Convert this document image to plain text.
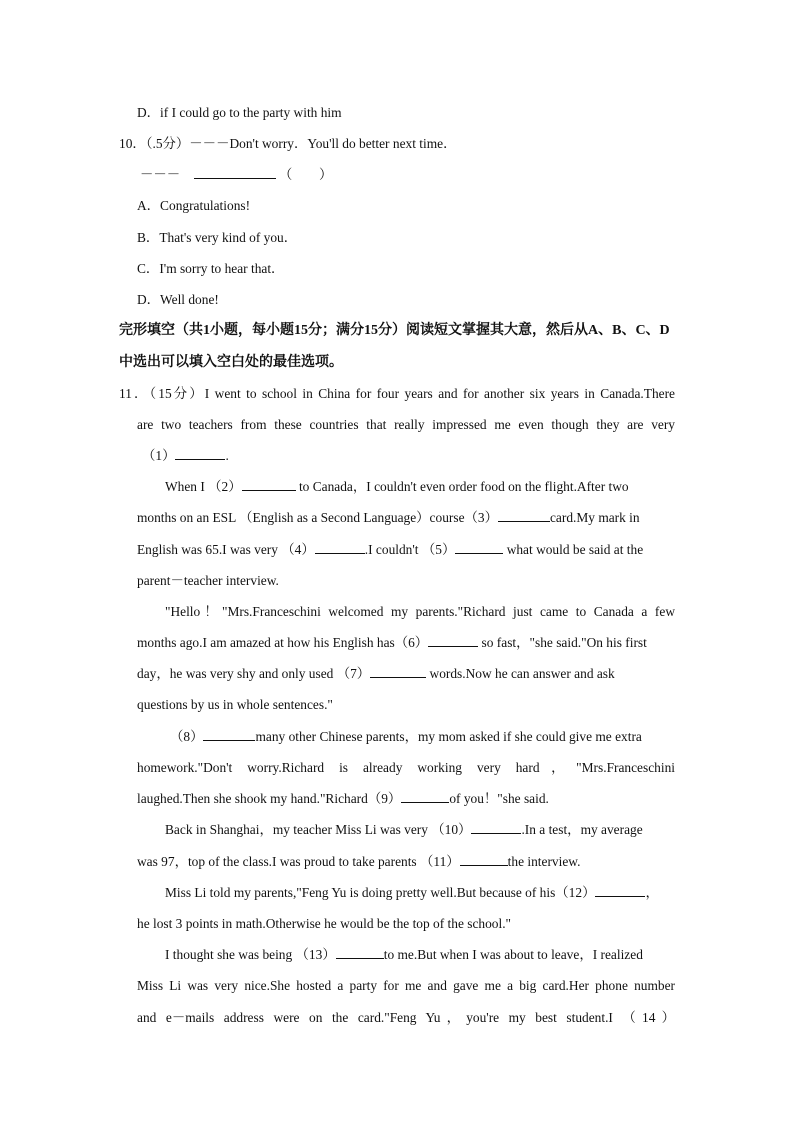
D．if I could go to the party with him
10．（.5分）－－－Don't worry．You'll do better next time．
－－－	（　　）
A．Congratulations!
B．That's very kind of you．
C．I'm sorry to hear that．
D．Well done!
完形填空（共1小题，每小题15分；满分15分）阅读短文掌握其大意，然后从A、B、C、D
中选出可以填入空白处的最佳选项。
11．（15分）I went to school in China for four years and for another six years in Canada.There
are two teachers from these countries that really impressed me even though they are very
（1）	.
When I （2）	to Canada，I couldn't even order food on the flight.After two
months on an ESL （English as a Second Language）course（3）	card.My mark in
English was 65.I was very （4）	.I couldn't （5）	what would be said at the
parent－teacher interview.
"Hello！"Mrs.Franceschini welcomed my parents."Richard just came to Canada a few
months ago.I am amazed at how his English has（6）	so fast，"she said."On his first
day，he was very shy and only used （7）	words.Now he can answer and ask
questions by us in whole sentences."
（8）	many other Chinese parents，my mom asked if she could give me extra
homework."Don't worry.Richard is already working very hard，"Mrs.Franceschini
laughed.Then she shook my hand."Richard（9）	of you！"she said.
Back in Shanghai，my teacher Miss Li was very （10）	.In a test，my average
was 97，top of the class.I was proud to take parents （11）	the interview.
Miss Li told my parents,"Feng Yu is doing pretty well.But because of his（12）	，
he lost 3 points in math.Otherwise he would be the top of the school."
I thought she was being （13）	to me.But when I was about to leave，I realized
Miss Li was very nice.She hosted a party for me and gave me a big card.Her phone number
and e－mails address were on the card."Feng Yu，you're my best student.I （14）
